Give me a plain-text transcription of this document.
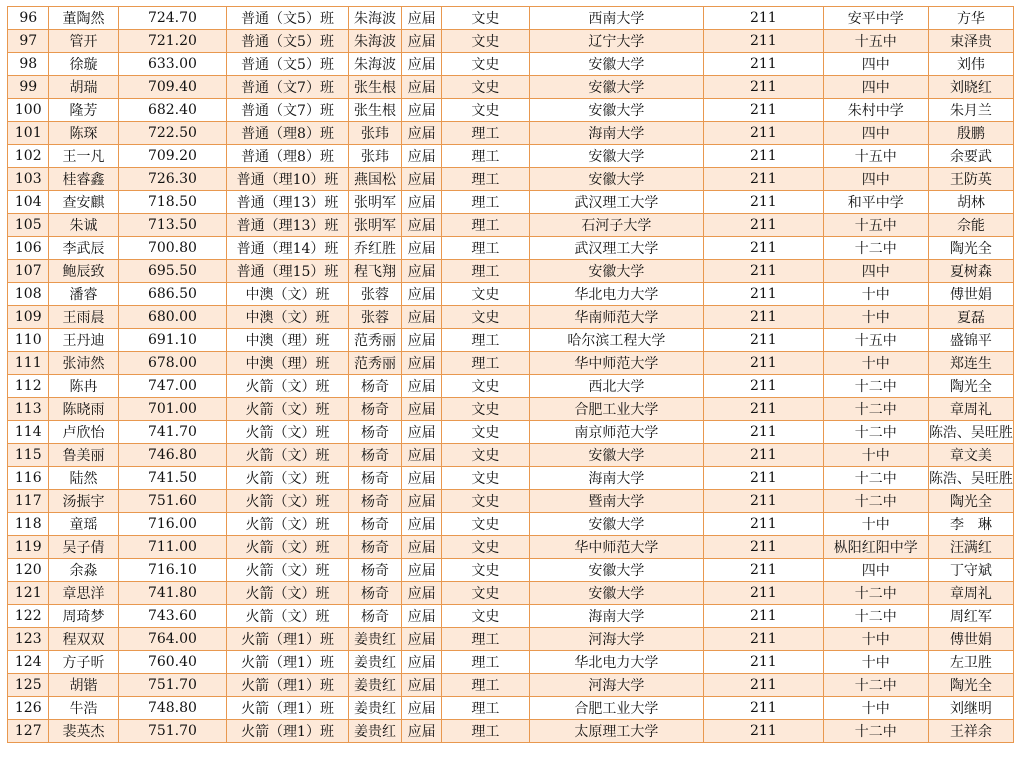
96	董陶然	724.70	普通（文5）班	朱海波	应届	文史	西南大学	211	安平中学	方华
97	管开	721.20	普通（文5）班	朱海波	应届	文史	辽宁大学	211	十五中	束泽贵
98	徐璇	633.00	普通（文5）班	朱海波	应届	文史	安徽大学	211	四中	刘伟
99	胡瑞	709.40	普通（文7）班	张生根	应届	文史	安徽大学	211	四中	刘晓红
100	隆芳	682.40	普通（文7）班	张生根	应届	文史	安徽大学	211	朱村中学	朱月兰
101	陈琛	722.50	普通（理8）班	张玮	应届	理工	海南大学	211	四中	殷鹏
102	王一凡	709.20	普通（理8）班	张玮	应届	理工	安徽大学	211	十五中	余要武
103	桂睿鑫	726.30	普通（理10）班	燕国松	应届	理工	安徽大学	211	四中	王防英
104	查安麒	718.50	普通（理13）班	张明军	应届	理工	武汉理工大学	211	和平中学	胡林
105	朱诚	713.50	普通（理13）班	张明军	应届	理工	石河子大学	211	十五中	佘能
106	李武辰	700.80	普通（理14）班	乔红胜	应届	理工	武汉理工大学	211	十二中	陶光全
107	鲍辰致	695.50	普通（理15）班	程飞翔	应届	理工	安徽大学	211	四中	夏树森
108	潘睿	686.50	中澳（文）班	张蓉	应届	文史	华北电力大学	211	十中	傅世娟
109	王雨晨	680.00	中澳（文）班	张蓉	应届	文史	华南师范大学	211	十中	夏磊
110	王丹迪	691.10	中澳（理）班	范秀丽	应届	理工	哈尔滨工程大学	211	十五中	盛锦平
111	张沛然	678.00	中澳（理）班	范秀丽	应届	理工	华中师范大学	211	十中	郑连生
112	陈冉	747.00	火箭（文）班	杨奇	应届	文史	西北大学	211	十二中	陶光全
113	陈晓雨	701.00	火箭（文）班	杨奇	应届	文史	合肥工业大学	211	十二中	章周礼
114	卢欣怡	741.70	火箭（文）班	杨奇	应届	文史	南京师范大学	211	十二中	陈浩、吴旺胜
115	鲁美丽	746.80	火箭（文）班	杨奇	应届	文史	安徽大学	211	十中	章文美
116	陆然	741.50	火箭（文）班	杨奇	应届	文史	海南大学	211	十二中	陈浩、吴旺胜
117	汤振宇	751.60	火箭（文）班	杨奇	应届	文史	暨南大学	211	十二中	陶光全
118	童瑶	716.00	火箭（文）班	杨奇	应届	文史	安徽大学	211	十中	李　琳
119	吴子倩	711.00	火箭（文）班	杨奇	应届	文史	华中师范大学	211	枞阳红阳中学	汪满红
120	余淼	716.10	火箭（文）班	杨奇	应届	文史	安徽大学	211	四中	丁守斌
121	章思洋	741.80	火箭（文）班	杨奇	应届	文史	安徽大学	211	十二中	章周礼
122	周琦梦	743.60	火箭（文）班	杨奇	应届	文史	海南大学	211	十二中	周红军
123	程双双	764.00	火箭（理1）班	姜贵红	应届	理工	河海大学	211	十中	傅世娟
124	方子昕	760.40	火箭（理1）班	姜贵红	应届	理工	华北电力大学	211	十中	左卫胜
125	胡锴	751.70	火箭（理1）班	姜贵红	应届	理工	河海大学	211	十二中	陶光全
126	牛浩	748.80	火箭（理1）班	姜贵红	应届	理工	合肥工业大学	211	十中	刘继明
127	裴英杰	751.70	火箭（理1）班	姜贵红	应届	理工	太原理工大学	211	十二中	王祥余
